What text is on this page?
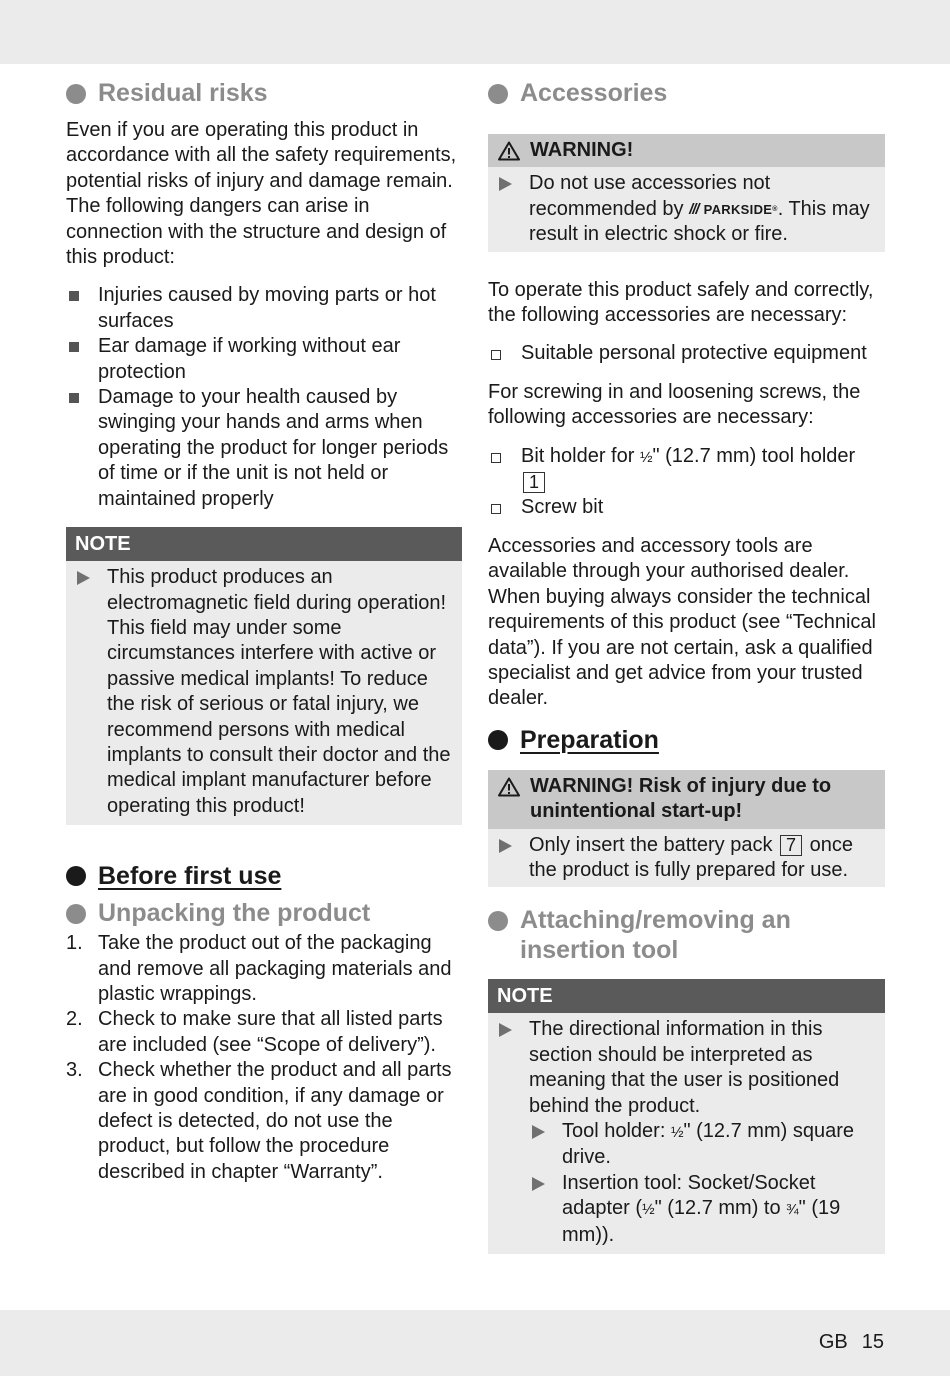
Residual risks

Even if you are operating this product in accordance with all the safety requirements, potential risks of injury and damage remain. The following dangers can arise in connection with the structure and design of this product:

Injuries caused by moving parts or hot surfaces
Ear damage if working without ear protection
Damage to your health caused by swinging your hands and arms when operating the product for longer periods of time or if the unit is not held or maintained properly
NOTE
This product produces an electromagnetic field during operation! This field may under some circumstances interfere with active or passive medical implants! To reduce the risk of serious or fatal injury, we recommend persons with medical implants to consult their doctor and the medical implant manufacturer before operating this product!
Before first use
Unpacking the product
1. Take the product out of the packaging and remove all packaging materials and plastic wrappings.
2. Check to make sure that all listed parts are included (see “Scope of delivery”).
3. Check whether the product and all parts are in good condition, if any damage or defect is detected, do not use the product, but follow the procedure described in chapter “Warranty”.
Accessories
WARNING!
Do not use accessories not recommended by /// PARKSIDE ® . This may result in electric shock or fire.

To operate this product safely and correctly, the following accessories are necessary:

Suitable personal protective equipment

For screwing in and loosening screws, the following accessories are necessary:

Bit holder for ½" (12.7 mm) tool holder 1
Screw bit

Accessories and accessory tools are available through your authorised dealer. When buying always consider the technical requirements of this product (see “Technical data”). If you are not certain, ask a qualified specialist and get advice from your trusted dealer.

Preparation
WARNING! Risk of injury due to unintentional start-up!
Only insert the battery pack 7 once the product is fully prepared for use.
Attaching/removing an insertion tool
NOTE
The directional information in this section should be interpreted as meaning that the user is positioned behind the product.
Tool holder: ½" (12.7 mm) square drive.
Insertion tool: Socket/Socket adapter (½" (12.7 mm) to ¾" (19 mm)).
GB 15
